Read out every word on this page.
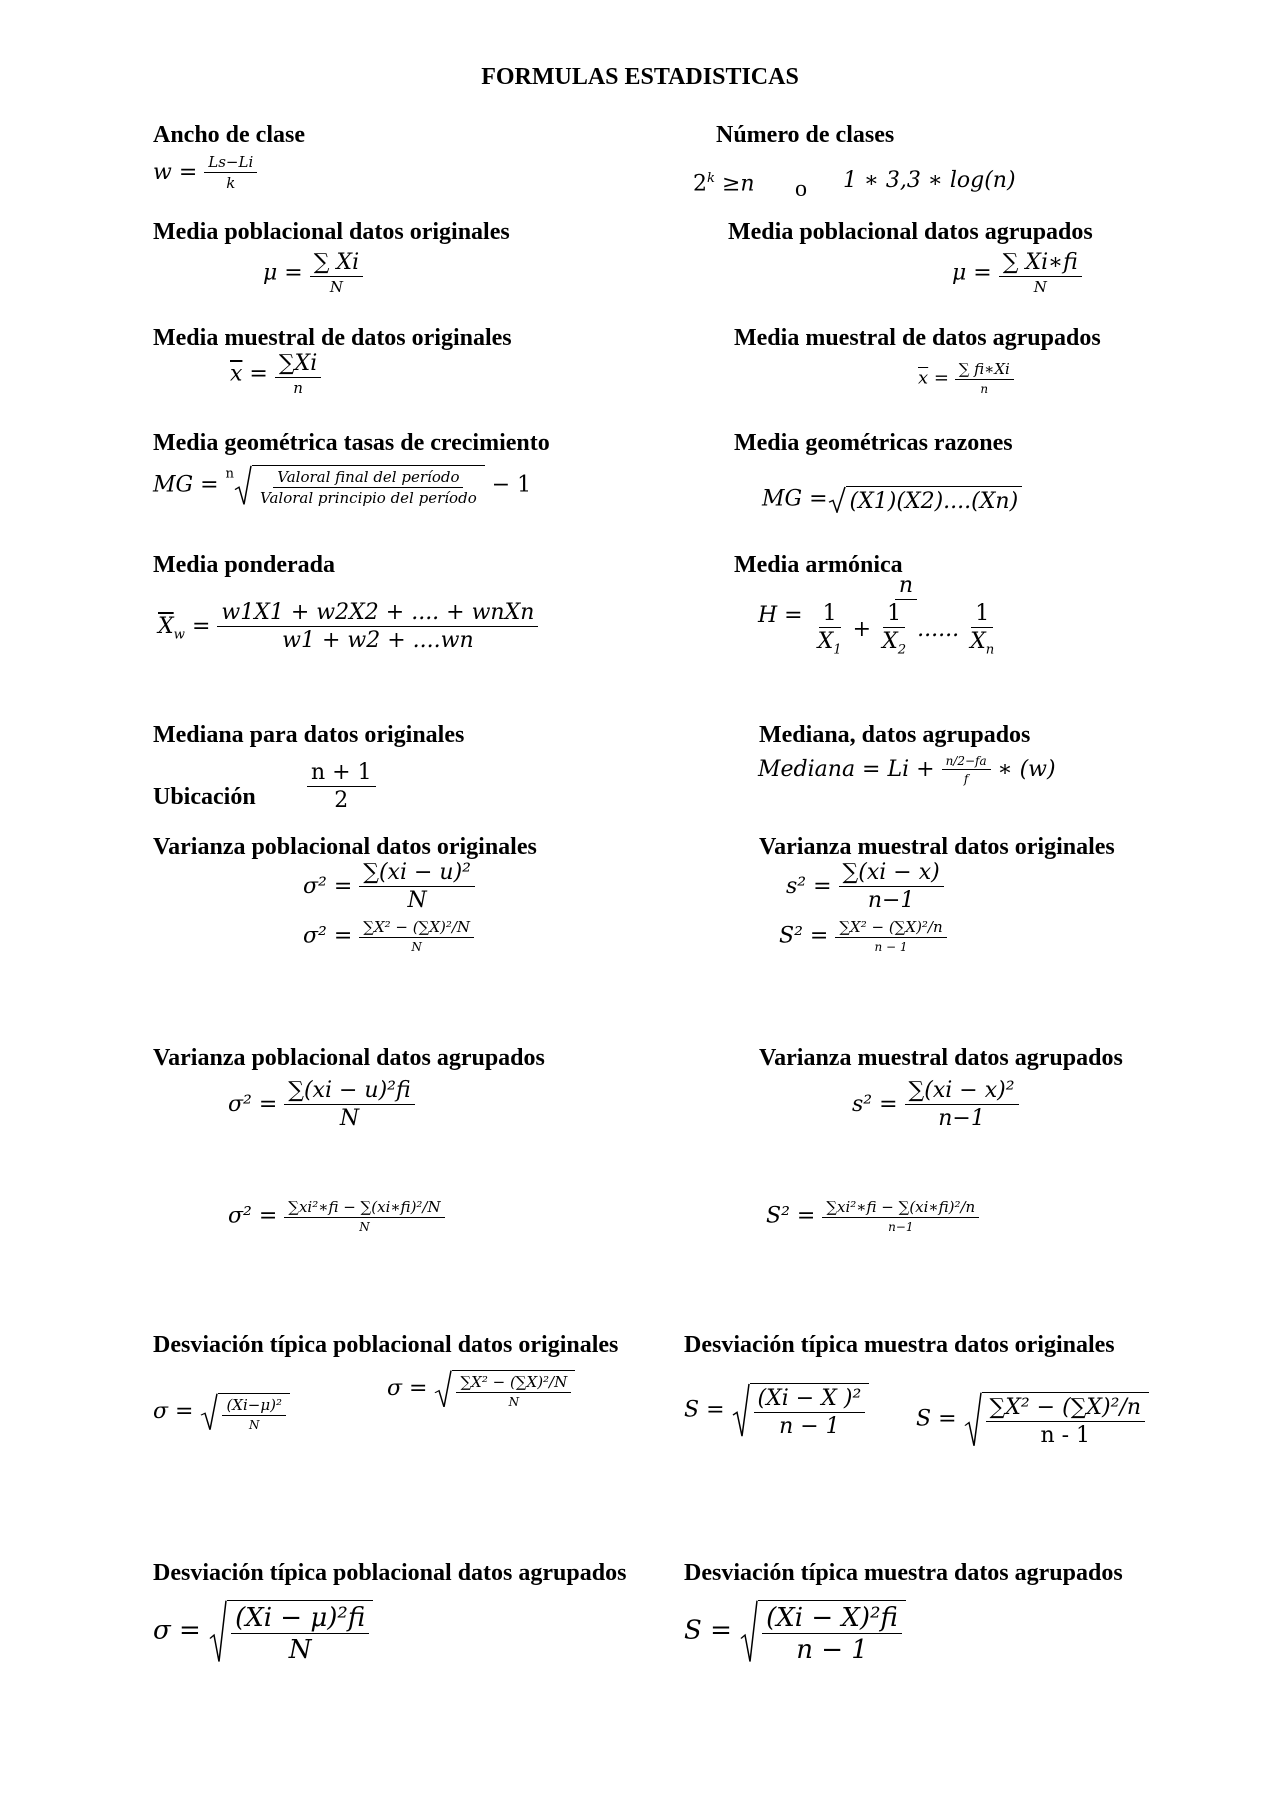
FORMULAS ESTADISTICAS
Ancho de clase
$w = \frac{Ls-Li}{k}$
Número de clases
$2^k \ge n$ o 1 ∗ 3,3 ∗ log(n)
Media poblacional datos originales
$\mu = \frac{\sum Xi}{N}$
Media poblacional datos agrupados
$\mu = \frac{\sum Xi∗fi}{N}$
Media muestral de datos originales
$\overline{x} = \frac{\sum Xi}{n}$
Media muestral de datos agrupados
$\overline{x} = \frac{\sum fi∗Xi}{n}$
Media geométrica tasas de crecimiento
MG = $^n \frac{\text{Valoral final del período}}{\text{Valoral principio del período}} - 1$
Media geométricas razones
MG = (X1)(X2)....(Xn)
Media ponderada
$\overline{X}_w = \frac{\text{w1X1 + w2X2 + .... + wnXn}}{w1 + w2 + ....wn}$
Media armónica
$H = \frac{n}{\frac{1}{X_1} + \frac{1}{X_2} ...... \frac{1}{X_n}}$
Mediana para datos originales
Ubicación $\frac{n + 1}{2}$
Mediana, datos agrupados
Mediana = $Li + \frac{n/2-fa}{f}$ ∗ (w)
Varianza poblacional datos originales
$\sigma^2 = \frac{\text{∑(xi − u)²}}{N}$
$\sigma^2 = \frac{\text{∑X² − (∑X)²/N}}{N}$
Varianza muestral datos originales
$s^2 = \frac{\sum(xi - x)}{n-1}$
$S^2 = \frac{\text{∑X² − (∑X)²/n}}{n - 1}$
Varianza poblacional datos agrupados
$\sigma^2 = \frac{\text{∑(xi − u)²fi}}{N}$
$\sigma^2 = \frac{\text{∑xi²∗fi − ∑(xi∗fi)²/N}}{N}$
Varianza muestral datos agrupados
$s^2 = \frac{\text{∑(xi − x)²}}{n-1}$
$S^2 = \frac{\text{∑xi²∗fi − ∑(xi∗fi)²/n}}{n-1}$
Desviación típica poblacional datos originales
$\sigma = \frac{\text{(Xi−μ)²}}{N}$
$\sigma = \frac{\text{∑X² − (∑X)²/N}}{N}$
Desviación típica muestra datos originales
$S = \frac{\text{(Xi − X )²}}{n - 1}$ $S = \frac{\text{∑X² − (∑X)²/n}}{n - 1}$
Desviación típica poblacional datos agrupados
$\sigma = \frac{\text{(Xi − μ)²fi}}{N}$
Desviación típica muestra datos agrupados
$S = \frac{\text{(Xi − X)²fi}}{n - 1}$
